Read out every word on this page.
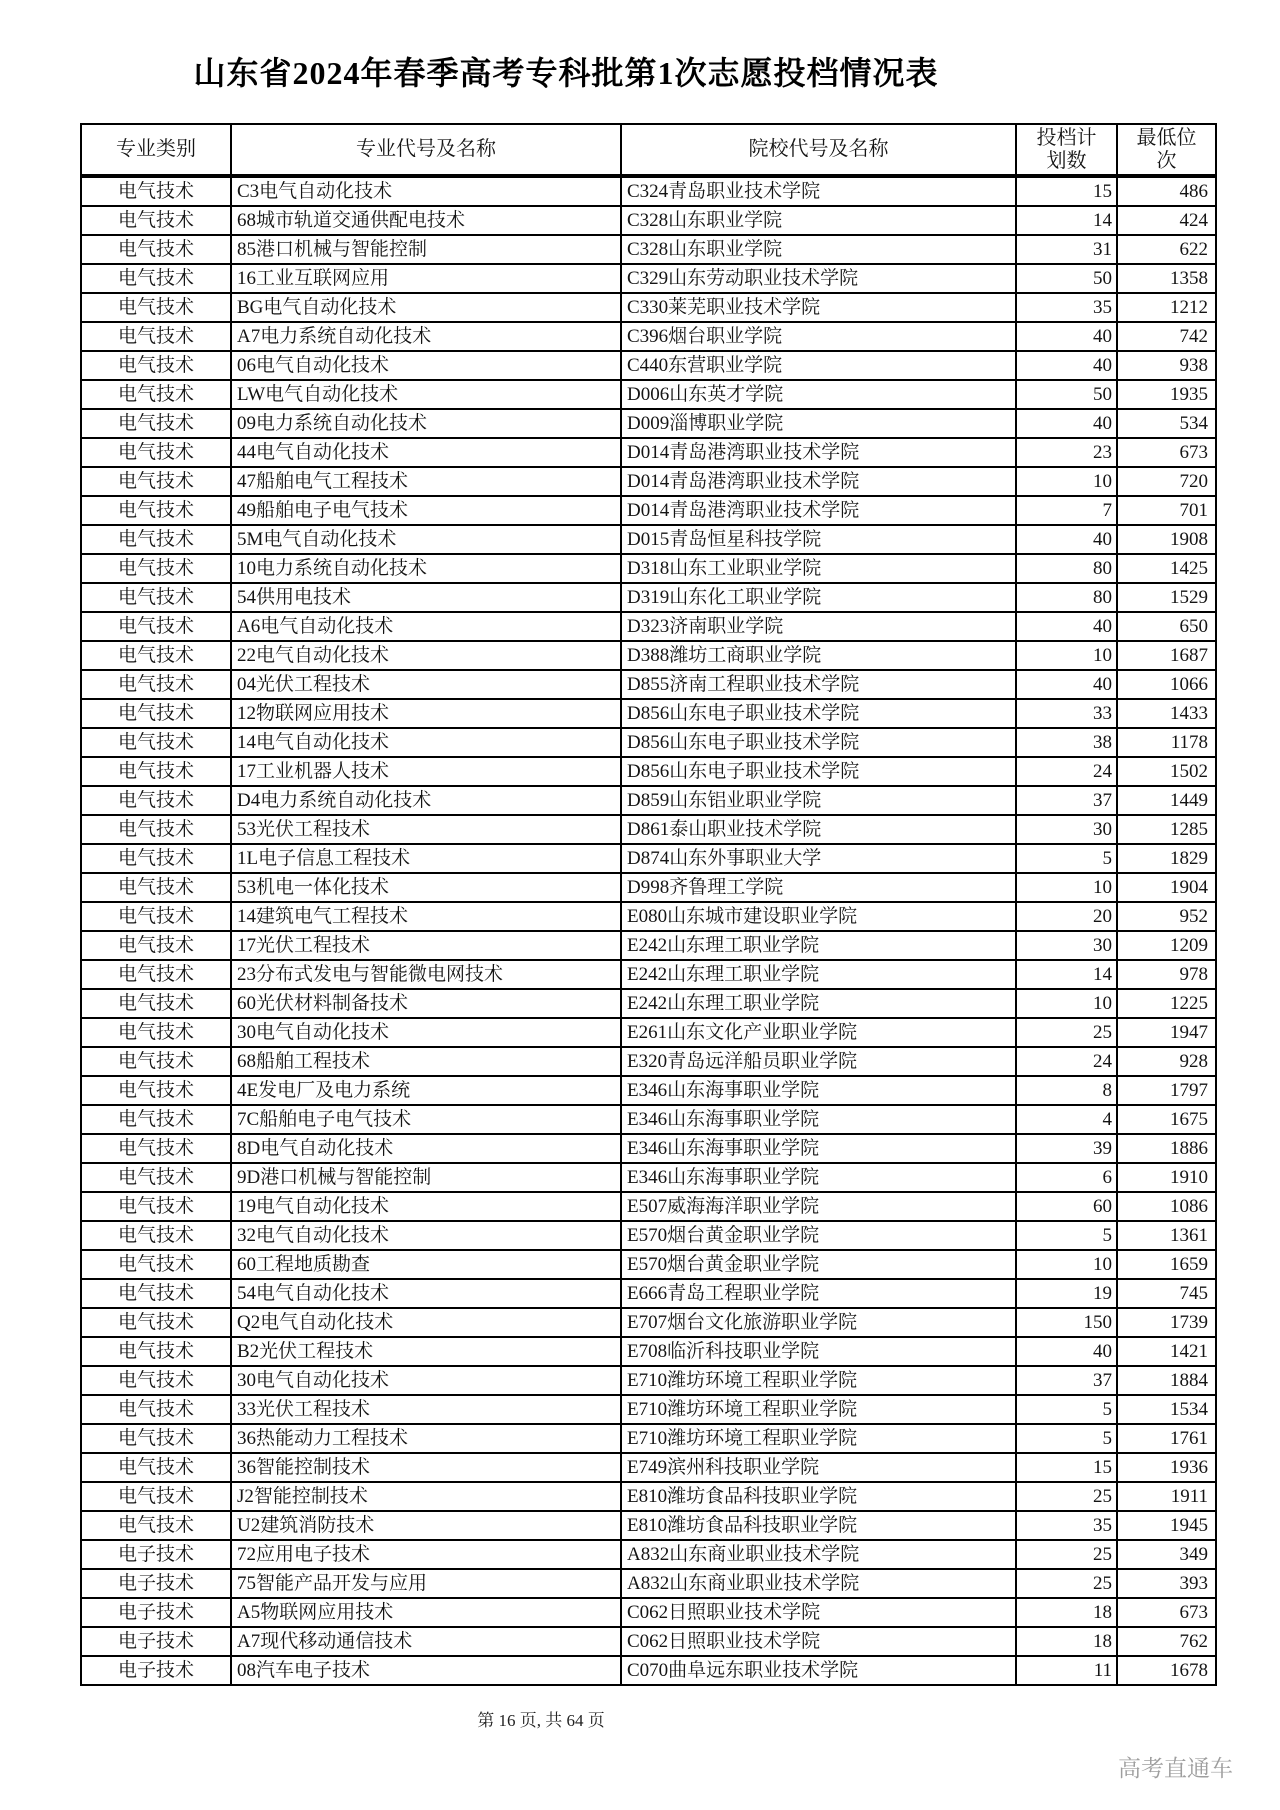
山东省2024年春季高考专科批第1次志愿投档情况表
专业类别	专业代号及名称	院校代号及名称	投档计划数	最低位次

电气技术	C3电气自动化技术	C324青岛职业技术学院	15	486
电气技术	68城市轨道交通供配电技术	C328山东职业学院	14	424
电气技术	85港口机械与智能控制	C328山东职业学院	31	622
电气技术	16工业互联网应用	C329山东劳动职业技术学院	50	1358
电气技术	BG电气自动化技术	C330莱芜职业技术学院	35	1212
电气技术	A7电力系统自动化技术	C396烟台职业学院	40	742
电气技术	06电气自动化技术	C440东营职业学院	40	938
电气技术	LW电气自动化技术	D006山东英才学院	50	1935
电气技术	09电力系统自动化技术	D009淄博职业学院	40	534
电气技术	44电气自动化技术	D014青岛港湾职业技术学院	23	673
电气技术	47船舶电气工程技术	D014青岛港湾职业技术学院	10	720
电气技术	49船舶电子电气技术	D014青岛港湾职业技术学院	7	701
电气技术	5M电气自动化技术	D015青岛恒星科技学院	40	1908
电气技术	10电力系统自动化技术	D318山东工业职业学院	80	1425
电气技术	54供用电技术	D319山东化工职业学院	80	1529
电气技术	A6电气自动化技术	D323济南职业学院	40	650
电气技术	22电气自动化技术	D388潍坊工商职业学院	10	1687
电气技术	04光伏工程技术	D855济南工程职业技术学院	40	1066
电气技术	12物联网应用技术	D856山东电子职业技术学院	33	1433
电气技术	14电气自动化技术	D856山东电子职业技术学院	38	1178
电气技术	17工业机器人技术	D856山东电子职业技术学院	24	1502
电气技术	D4电力系统自动化技术	D859山东铝业职业学院	37	1449
电气技术	53光伏工程技术	D861泰山职业技术学院	30	1285
电气技术	1L电子信息工程技术	D874山东外事职业大学	5	1829
电气技术	53机电一体化技术	D998齐鲁理工学院	10	1904
电气技术	14建筑电气工程技术	E080山东城市建设职业学院	20	952
电气技术	17光伏工程技术	E242山东理工职业学院	30	1209
电气技术	23分布式发电与智能微电网技术	E242山东理工职业学院	14	978
电气技术	60光伏材料制备技术	E242山东理工职业学院	10	1225
电气技术	30电气自动化技术	E261山东文化产业职业学院	25	1947
电气技术	68船舶工程技术	E320青岛远洋船员职业学院	24	928
电气技术	4E发电厂及电力系统	E346山东海事职业学院	8	1797
电气技术	7C船舶电子电气技术	E346山东海事职业学院	4	1675
电气技术	8D电气自动化技术	E346山东海事职业学院	39	1886
电气技术	9D港口机械与智能控制	E346山东海事职业学院	6	1910
电气技术	19电气自动化技术	E507威海海洋职业学院	60	1086
电气技术	32电气自动化技术	E570烟台黄金职业学院	5	1361
电气技术	60工程地质勘查	E570烟台黄金职业学院	10	1659
电气技术	54电气自动化技术	E666青岛工程职业学院	19	745
电气技术	Q2电气自动化技术	E707烟台文化旅游职业学院	150	1739
电气技术	B2光伏工程技术	E708临沂科技职业学院	40	1421
电气技术	30电气自动化技术	E710潍坊环境工程职业学院	37	1884
电气技术	33光伏工程技术	E710潍坊环境工程职业学院	5	1534
电气技术	36热能动力工程技术	E710潍坊环境工程职业学院	5	1761
电气技术	36智能控制技术	E749滨州科技职业学院	15	1936
电气技术	J2智能控制技术	E810潍坊食品科技职业学院	25	1911
电气技术	U2建筑消防技术	E810潍坊食品科技职业学院	35	1945
电子技术	72应用电子技术	A832山东商业职业技术学院	25	349
电子技术	75智能产品开发与应用	A832山东商业职业技术学院	25	393
电子技术	A5物联网应用技术	C062日照职业技术学院	18	673
电子技术	A7现代移动通信技术	C062日照职业技术学院	18	762
电子技术	08汽车电子技术	C070曲阜远东职业技术学院	11	1678
第 16 页, 共 64 页
高考直通车
